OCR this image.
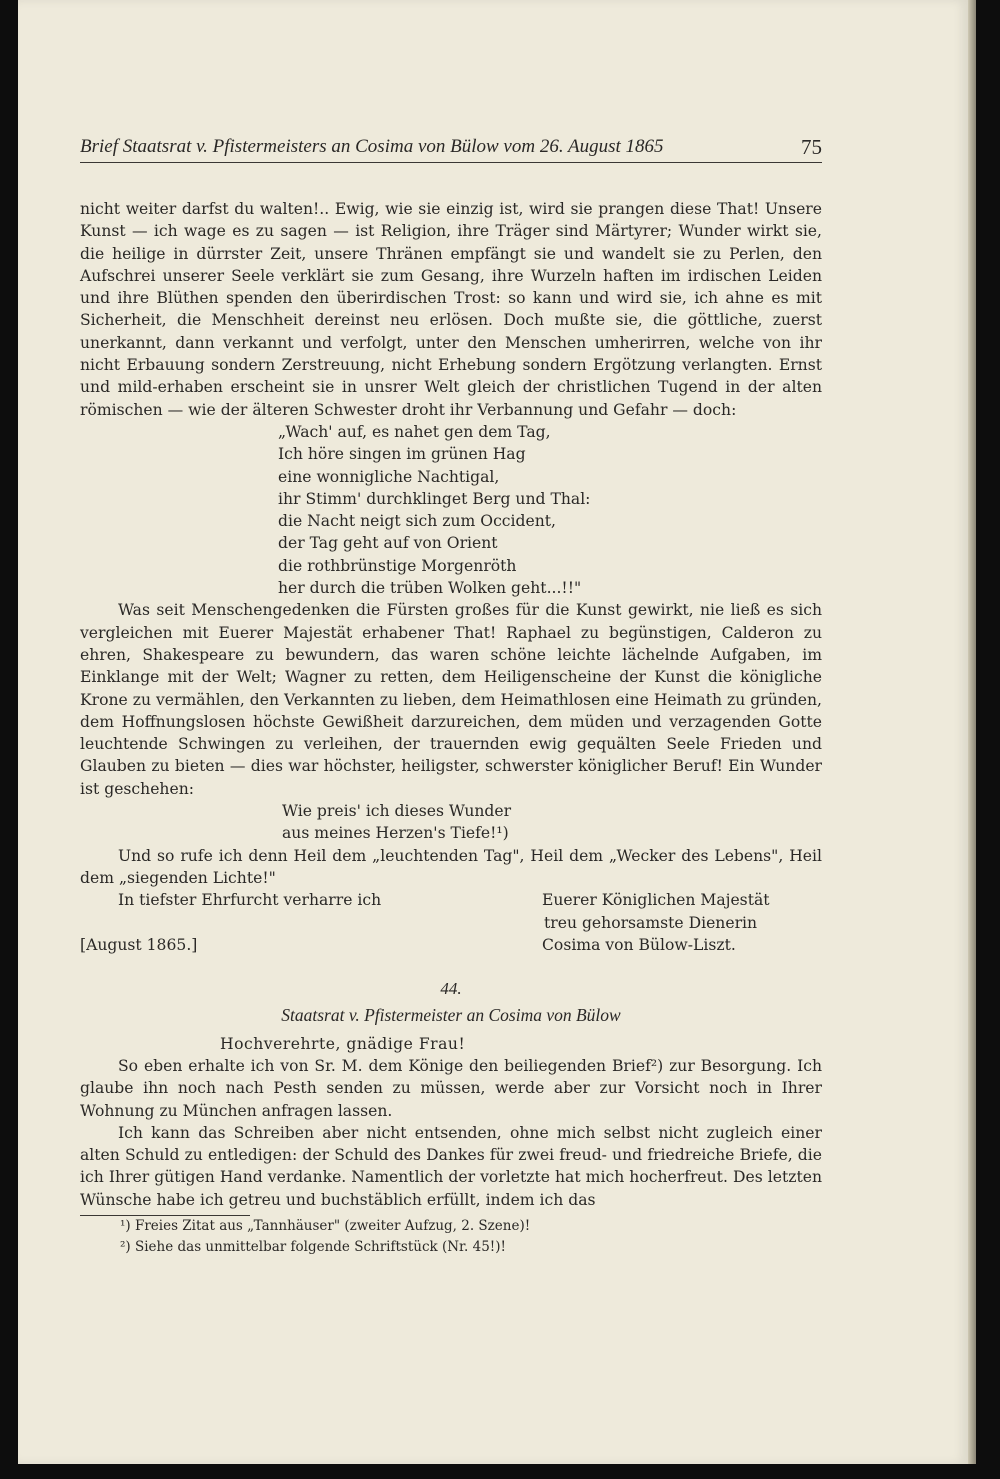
Brief Staatsrat v. Pfistermeisters an Cosima von Bülow vom 26. August 1865	75

nicht weiter darfst du walten!.. Ewig, wie sie einzig ist, wird sie prangen diese That! Unsere Kunst — ich wage es zu sagen — ist Religion, ihre Träger sind Märtyrer; Wunder wirkt sie, die heilige in dürrster Zeit, unsere Thränen empfängt sie und wandelt sie zu Perlen, den Aufschrei unserer Seele verklärt sie zum Gesang, ihre Wurzeln haften im irdischen Leiden und ihre Blüthen spenden den überirdischen Trost: so kann und wird sie, ich ahne es mit Sicherheit, die Menschheit dereinst neu erlösen. Doch mußte sie, die göttliche, zuerst unerkannt, dann verkannt und verfolgt, unter den Menschen umherirren, welche von ihr nicht Erbauung sondern Zerstreuung, nicht Erhebung sondern Ergötzung verlangten. Ernst und mild-erhaben erscheint sie in unsrer Welt gleich der christlichen Tugend in der alten römischen — wie der älteren Schwester droht ihr Verbannung und Gefahr — doch:

„Wach' auf, es nahet gen dem Tag,
Ich höre singen im grünen Hag
eine wonnigliche Nachtigal,
ihr Stimm' durchklinget Berg und Thal:
die Nacht neigt sich zum Occident,
der Tag geht auf von Orient
die rothbrünstige Morgenröth
her durch die trüben Wolken geht...!!"

Was seit Menschengedenken die Fürsten großes für die Kunst gewirkt, nie ließ es sich vergleichen mit Euerer Majestät erhabener That! Raphael zu begünstigen, Calderon zu ehren, Shakespeare zu bewundern, das waren schöne leichte lächelnde Aufgaben, im Einklange mit der Welt; Wagner zu retten, dem Heiligenscheine der Kunst die königliche Krone zu vermählen, den Verkannten zu lieben, dem Heimathlosen eine Heimath zu gründen, dem Hoffnungslosen höchste Gewißheit darzureichen, dem müden und verzagenden Gotte leuchtende Schwingen zu verleihen, der trauernden ewig gequälten Seele Frieden und Glauben zu bieten — dies war höchster, heiligster, schwerster königlicher Beruf! Ein Wunder ist geschehen:

Wie preis' ich dieses Wunder
aus meines Herzen's Tiefe!¹)

Und so rufe ich denn Heil dem „leuchtenden Tag", Heil dem „Wecker des Lebens", Heil dem „siegenden Lichte!"

In tiefster Ehrfurcht verharre ich
[August 1865.]
Euerer Königlichen Majestät
treu gehorsamste Dienerin
Cosima von Bülow-Liszt.
44.
Staatsrat v. Pfistermeister an Cosima von Bülow
Hochverehrte, gnädige Frau!

So eben erhalte ich von Sr. M. dem Könige den beiliegenden Brief²) zur Besorgung. Ich glaube ihn noch nach Pesth senden zu müssen, werde aber zur Vorsicht noch in Ihrer Wohnung zu München anfragen lassen.

Ich kann das Schreiben aber nicht entsenden, ohne mich selbst nicht zugleich einer alten Schuld zu entledigen: der Schuld des Dankes für zwei freud- und friedreiche Briefe, die ich Ihrer gütigen Hand verdanke. Namentlich der vorletzte hat mich hocherfreut. Des letzten Wünsche habe ich getreu und buchstäblich erfüllt, indem ich das

¹) Freies Zitat aus „Tannhäuser" (zweiter Aufzug, 2. Szene)!
²) Siehe das unmittelbar folgende Schriftstück (Nr. 45!)!
